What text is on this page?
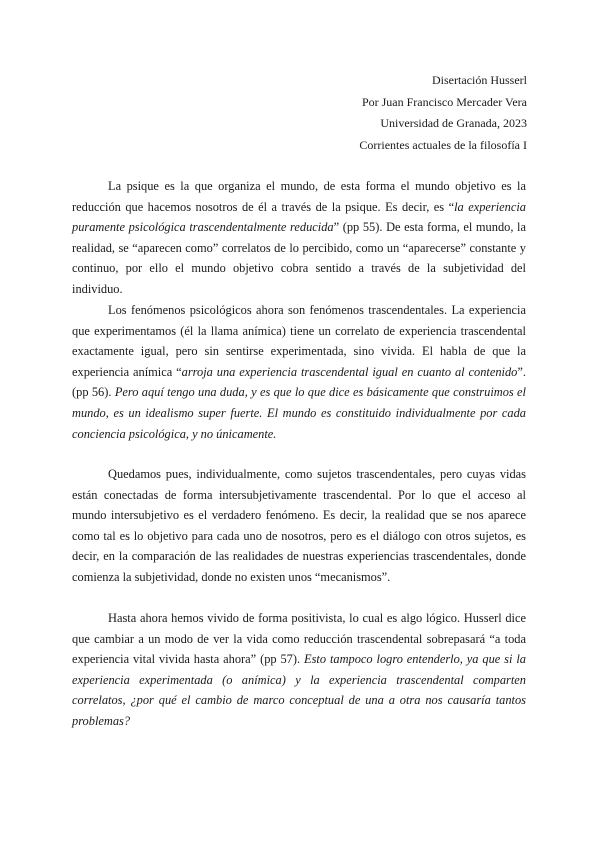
Disertación Husserl
Por Juan Francisco Mercader Vera
Universidad de Granada, 2023
Corrientes actuales de la filosofía I

La psique es la que organiza el mundo, de esta forma el mundo objetivo es la reducción que hacemos nosotros de él a través de la psique. Es decir, es “la experiencia puramente psicológica trascendentalmente reducida” (pp 55). De esta forma, el mundo, la realidad, se “aparecen como” correlatos de lo percibido, como un “aparecerse” constante y continuo, por ello el mundo objetivo cobra sentido a través de la subjetividad del individuo.

Los fenómenos psicológicos ahora son fenómenos trascendentales. La experiencia que experimentamos (él la llama anímica) tiene un correlato de experiencia trascendental exactamente igual, pero sin sentirse experimentada, sino vivida. El habla de que la experiencia anímica “arroja una experiencia trascendental igual en cuanto al contenido”. (pp 56). Pero aquí tengo una duda, y es que lo que dice es básicamente que construimos el mundo, es un idealismo super fuerte. El mundo es constituido individualmente por cada conciencia psicológica, y no únicamente.

Quedamos pues, individualmente, como sujetos trascendentales, pero cuyas vidas están conectadas de forma intersubjetivamente trascendental. Por lo que el acceso al mundo intersubjetivo es el verdadero fenómeno. Es decir, la realidad que se nos aparece como tal es lo objetivo para cada uno de nosotros, pero es el diálogo con otros sujetos, es decir, en la comparación de las realidades de nuestras experiencias trascendentales, donde comienza la subjetividad, donde no existen unos “mecanismos”.

Hasta ahora hemos vivido de forma positivista, lo cual es algo lógico. Husserl dice que cambiar a un modo de ver la vida como reducción trascendental sobrepasará “a toda experiencia vital vivida hasta ahora” (pp 57). Esto tampoco logro entenderlo, ya que si la experiencia experimentada (o anímica) y la experiencia trascendental comparten correlatos, ¿por qué el cambio de marco conceptual de una a otra nos causaría tantos problemas?
